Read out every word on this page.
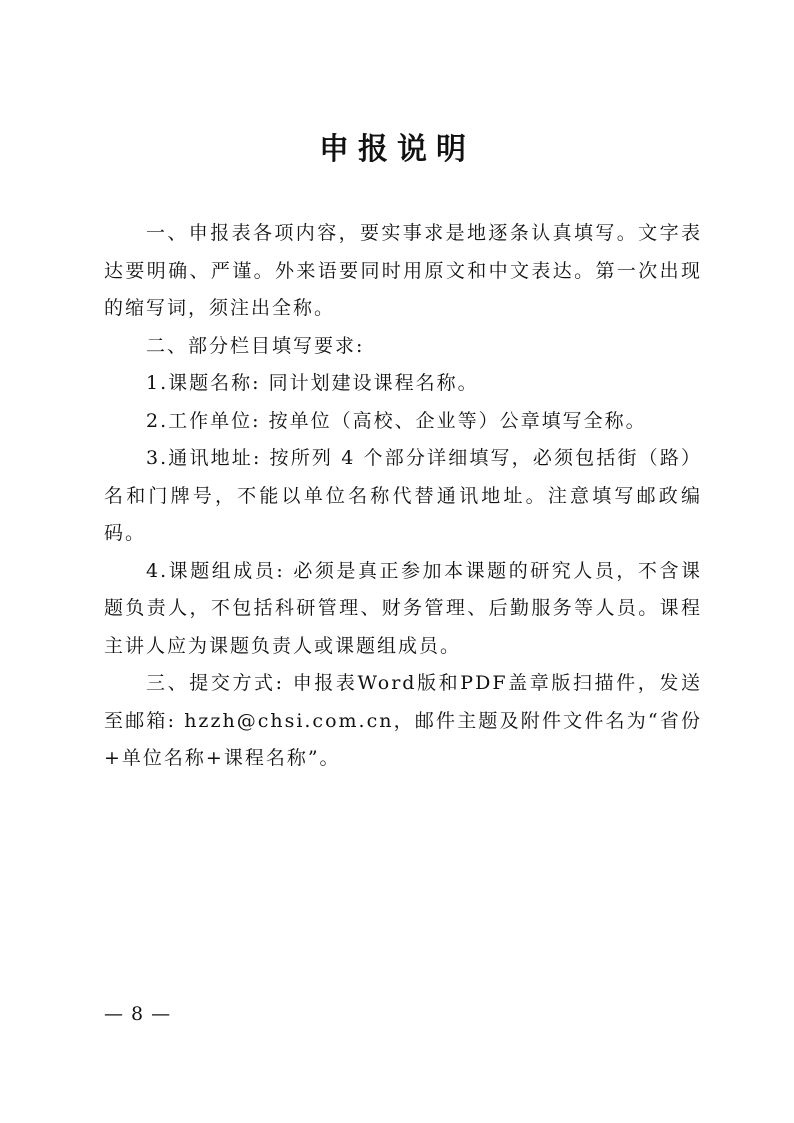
申报说明

一、申报表各项内容，要实事求是地逐条认真填写。文字表达要明确、严谨。外来语要同时用原文和中文表达。第一次出现的缩写词，须注出全称。

二、部分栏目填写要求:

1.课题名称: 同计划建设课程名称。

2.工作单位: 按单位（高校、企业等）公章填写全称。

3.通讯地址: 按所列 4 个部分详细填写，必须包括街（路）名和门牌号，不能以单位名称代替通讯地址。注意填写邮政编码。

4.课题组成员: 必须是真正参加本课题的研究人员，不含课题负责人，不包括科研管理、财务管理、后勤服务等人员。课程主讲人应为课题负责人或课题组成员。

三、提交方式: 申报表Word版和PDF盖章版扫描件，发送至邮箱: hzzh@chsi.com.cn，邮件主题及附件文件名为“省份+单位名称+课程名称”。

— 8 —
